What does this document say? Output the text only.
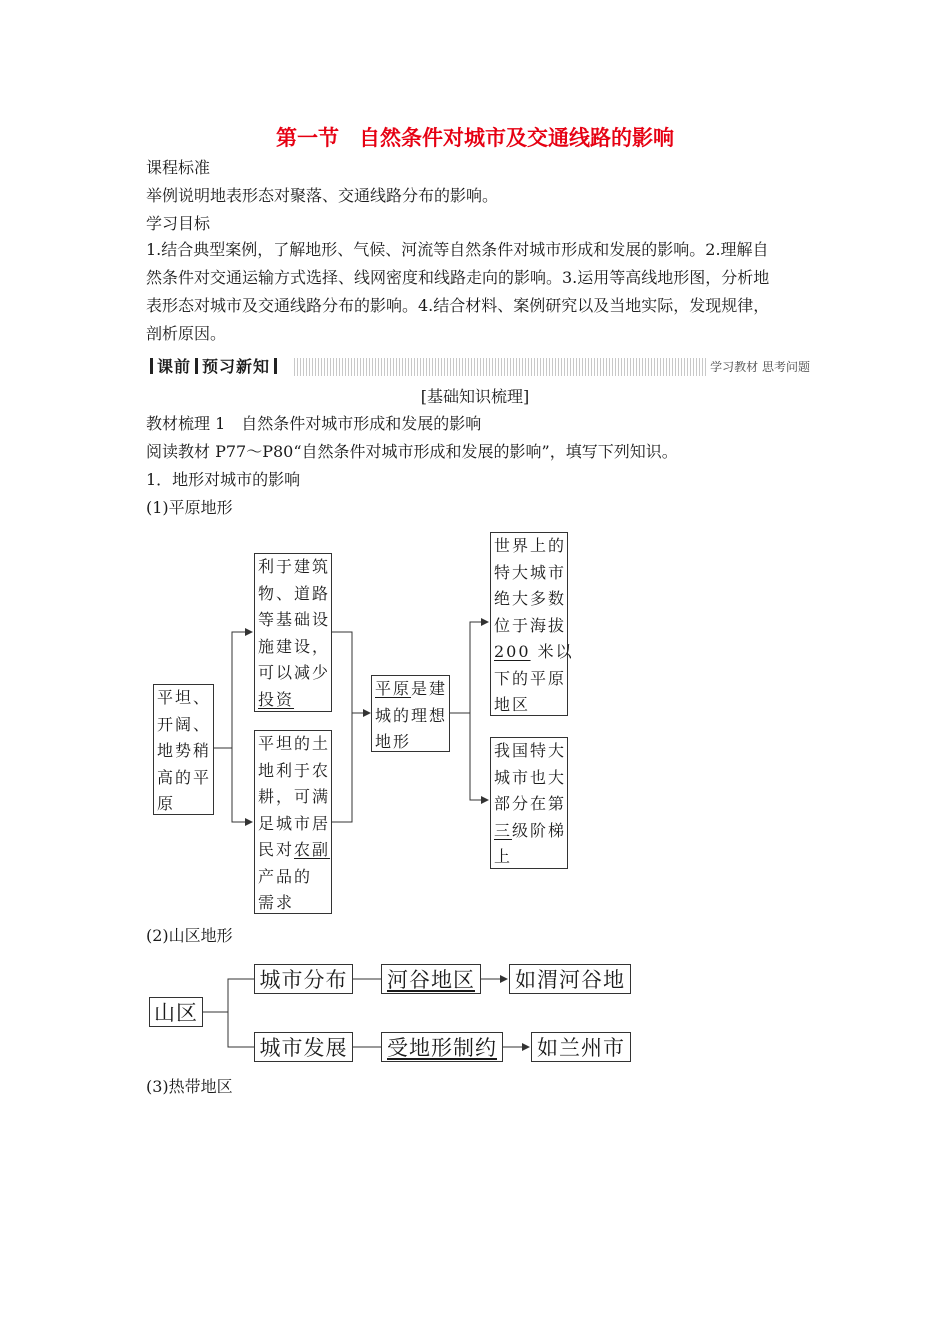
第一节 自然条件对城市及交通线路的影响
课程标准
举例说明地表形态对聚落、交通线路分布的影响。
学习目标
1.结合典型案例，了解地形、气候、河流等自然条件对城市形成和发展的影响。2.理解自
然条件对交通运输方式选择、线网密度和线路走向的影响。3.运用等高线地形图，分析地
表形态对城市及交通线路分布的影响。4.结合材料、案例研究以及当地实际，发现规律，
剖析原因。
课前 预习新知	学习教材 思考问题
[基础知识梳理]
教材梳理 1　自然条件对城市形成和发展的影响
阅读教材 P77～P80“自然条件对城市形成和发展的影响”，填写下列知识。
1．地形对城市的影响
(1)平原地形
平坦、
开阔、
地势稍
高的平
原
利于建筑
物、道路
等基础设
施建设，
可以减少
投资
平坦的土
地利于农
耕，可满
足城市居
民对农副
产品的
需求
平原是建
城的理想
地形
世界上的
特大城市
绝大多数
位于海拔
200 米以
下的平原
地区
我国特大
城市也大
部分在第
三级阶梯
上
(2)山区地形
山区
城市分布 河谷地区 如渭河谷地
城市发展 受地形制约 如兰州市
(3)热带地区
